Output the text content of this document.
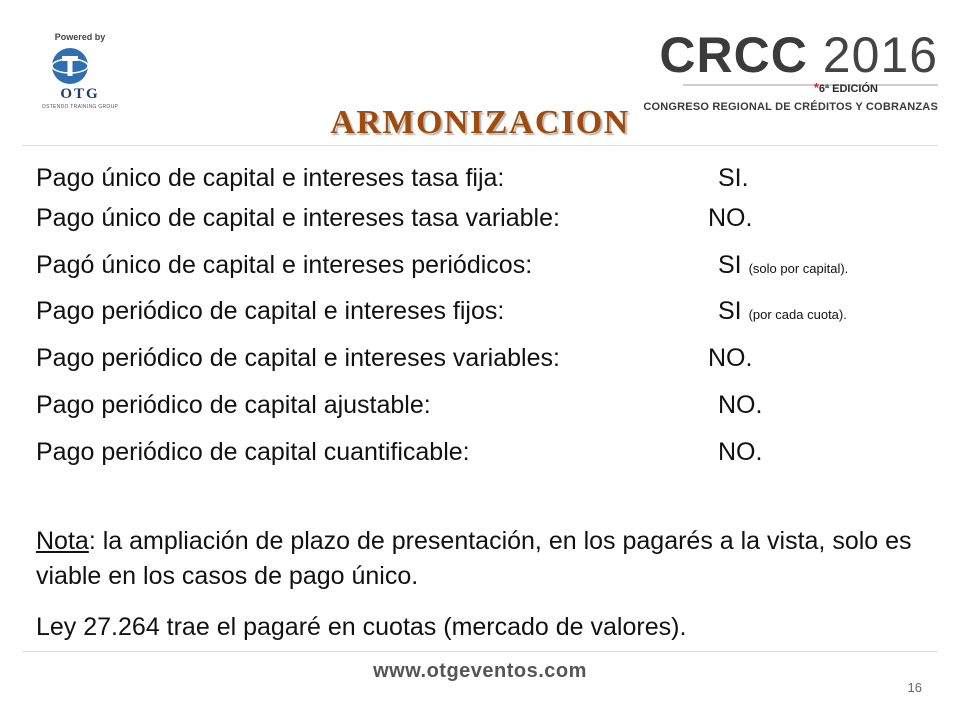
Powered by
OTG
OSTENDO TRAINING GROUP
CRCC 2016
*6ª EDICIÓN
CONGRESO REGIONAL DE CRÉDITOS Y COBRANZAS
ARMONIZACION
Pago único de capital e intereses tasa fija:	SI.
Pago único de capital e intereses tasa variable:	NO.
Pagó único de capital e intereses periódicos:	SI (solo por capital).
Pago periódico de capital e intereses fijos:	SI (por cada cuota).
Pago periódico de capital e intereses variables:	NO.
Pago periódico de capital ajustable:	NO.
Pago periódico de capital cuantificable:	NO.
Nota: la ampliación de plazo de presentación, en los pagarés a la vista, solo es viable en los casos de pago único.
Ley 27.264 trae el pagaré en cuotas (mercado de valores).
www.otgeventos.com
16
